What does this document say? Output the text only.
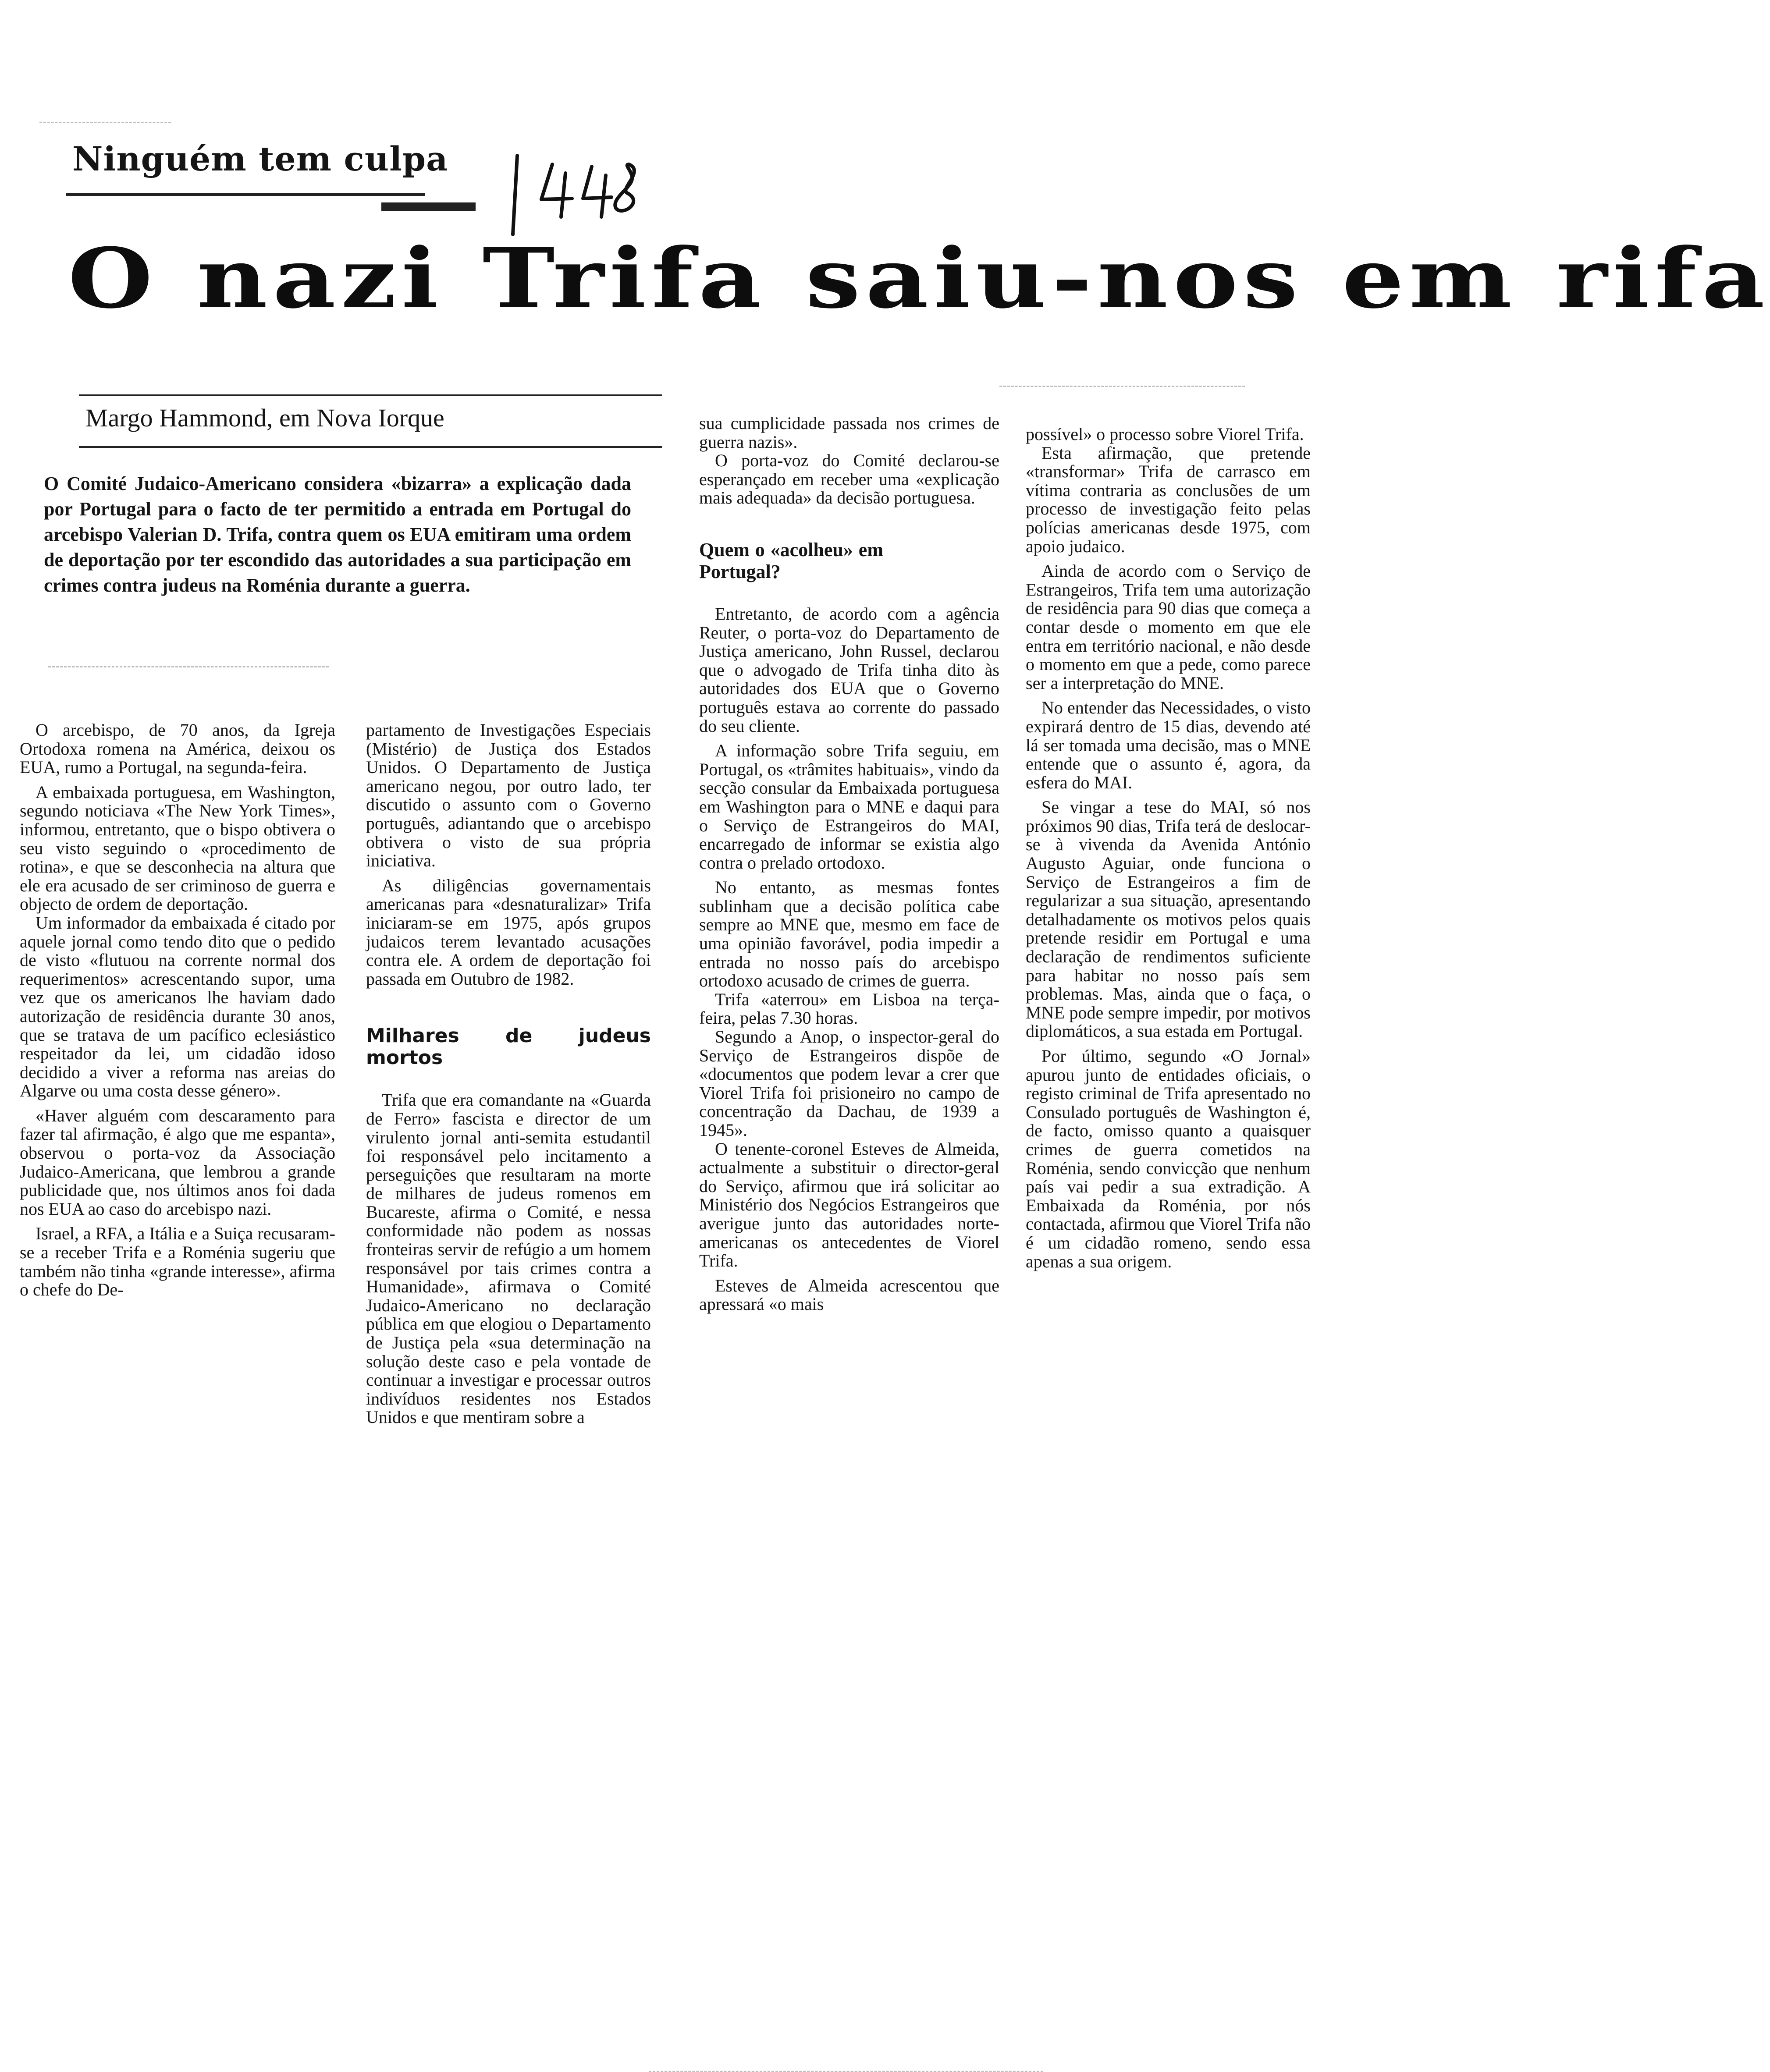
Ninguém tem culpa
O nazi Trifa saiu-nos em rifa
Margo Hammond, em Nova Iorque
O Comité Judaico-Americano considera «bizarra» a explicação dada por Portugal para o facto de ter permitido a entrada em Portugal do arcebispo Valerian D. Trifa, contra quem os EUA emitiram uma ordem de deportação por ter escondido das autoridades a sua participação em crimes contra judeus na Roménia durante a guerra.

O arcebispo, de 70 anos, da Igreja Ortodoxa romena na América, deixou os EUA, rumo a Portugal, na segunda-feira.

A embaixada portuguesa, em Washington, segundo noticiava «The New York Times», informou, entretanto, que o bispo obtivera o seu visto seguindo o «procedimento de rotina», e que se desconhecia na altura que ele era acusado de ser criminoso de guerra e objecto de ordem de deportação.

Um informador da embaixada é citado por aquele jornal como tendo dito que o pedido de visto «flutuou na corrente normal dos requerimentos» acrescentando supor, uma vez que os americanos lhe haviam dado autorização de residência durante 30 anos, que se tratava de um pacífico eclesiástico respeitador da lei, um cidadão idoso decidido a viver a reforma nas areias do Algarve ou uma costa desse género».

«Haver alguém com descaramento para fazer tal afirmação, é algo que me espanta», observou o porta-voz da Associação Judaico-Americana, que lembrou a grande publicidade que, nos últimos anos foi dada nos EUA ao caso do arcebispo nazi.

Israel, a RFA, a Itália e a Suiça recusaram-se a receber Trifa e a Roménia sugeriu que também não tinha «grande interesse», afirma o chefe do De-

partamento de Investigações Especiais (Mistério) de Justiça dos Estados Unidos. O Departamento de Justiça americano negou, por outro lado, ter discutido o assunto com o Governo português, adiantando que o arcebispo obtivera o visto de sua própria iniciativa.

As diligências governamentais americanas para «desnaturalizar» Trifa iniciaram-se em 1975, após grupos judaicos terem levantado acusações contra ele. A ordem de deportação foi passada em Outubro de 1982.

Milhares de judeus mortos

Trifa que era comandante na «Guarda de Ferro» fascista e director de um virulento jornal anti-semita estudantil foi responsável pelo incitamento a perseguições que resultaram na morte de milhares de judeus romenos em Bucareste, afirma o Comité, e nessa conformidade não podem as nossas fronteiras servir de refúgio a um homem responsável por tais crimes contra a Humanidade», afirmava o Comité Judaico-Americano no declaração pública em que elogiou o Departamento de Justiça pela «sua determinação na solução deste caso e pela vontade de continuar a investigar e processar outros indivíduos residentes nos Estados Unidos e que mentiram sobre a

sua cumplicidade passada nos crimes de guerra nazis».

O porta-voz do Comité declarou-se esperançado em receber uma «explicação mais adequada» da decisão portuguesa.

Quem o «acolheu» em Portugal?

Entretanto, de acordo com a agência Reuter, o porta-voz do Departamento de Justiça americano, John Russel, declarou que o advogado de Trifa tinha dito às autoridades dos EUA que o Governo português estava ao corrente do passado do seu cliente.

A informação sobre Trifa seguiu, em Portugal, os «trâmites habituais», vindo da secção consular da Embaixada portuguesa em Washington para o MNE e daqui para o Serviço de Estrangeiros do MAI, encarregado de informar se existia algo contra o prelado ortodoxo.

No entanto, as mesmas fontes sublinham que a decisão política cabe sempre ao MNE que, mesmo em face de uma opinião favorável, podia impedir a entrada no nosso país do arcebispo ortodoxo acusado de crimes de guerra.

Trifa «aterrou» em Lisboa na terça-feira, pelas 7.30 horas.

Segundo a Anop, o inspector-geral do Serviço de Estrangeiros dispõe de «documentos que podem levar a crer que Viorel Trifa foi prisioneiro no campo de concentração da Dachau, de 1939 a 1945».

O tenente-coronel Esteves de Almeida, actualmente a substituir o director-geral do Serviço, afirmou que irá solicitar ao Ministério dos Negócios Estrangeiros que averigue junto das autoridades norte-americanas os antecedentes de Viorel Trifa.

Esteves de Almeida acrescentou que apressará «o mais

possível» o processo sobre Viorel Trifa.

Esta afirmação, que pretende «transformar» Trifa de carrasco em vítima contraria as conclusões de um processo de investigação feito pelas polícias americanas desde 1975, com apoio judaico.

Ainda de acordo com o Serviço de Estrangeiros, Trifa tem uma autorização de residência para 90 dias que começa a contar desde o momento em que ele entra em território nacional, e não desde o momento em que a pede, como parece ser a interpretação do MNE.

No entender das Necessidades, o visto expirará dentro de 15 dias, devendo até lá ser tomada uma decisão, mas o MNE entende que o assunto é, agora, da esfera do MAI.

Se vingar a tese do MAI, só nos próximos 90 dias, Trifa terá de deslocar-se à vivenda da Avenida António Augusto Aguiar, onde funciona o Serviço de Estrangeiros a fim de regularizar a sua situação, apresentando detalhadamente os motivos pelos quais pretende residir em Portugal e uma declaração de rendimentos suficiente para habitar no nosso país sem problemas. Mas, ainda que o faça, o MNE pode sempre impedir, por motivos diplomáticos, a sua estada em Portugal.

Por último, segundo «O Jornal» apurou junto de entidades oficiais, o registo criminal de Trifa apresentado no Consulado português de Washington é, de facto, omisso quanto a quaisquer crimes de guerra cometidos na Roménia, sendo convicção que nenhum país vai pedir a sua extradição. A Embaixada da Roménia, por nós contactada, afirmou que Viorel Trifa não é um cidadão romeno, sendo essa apenas a sua origem.
